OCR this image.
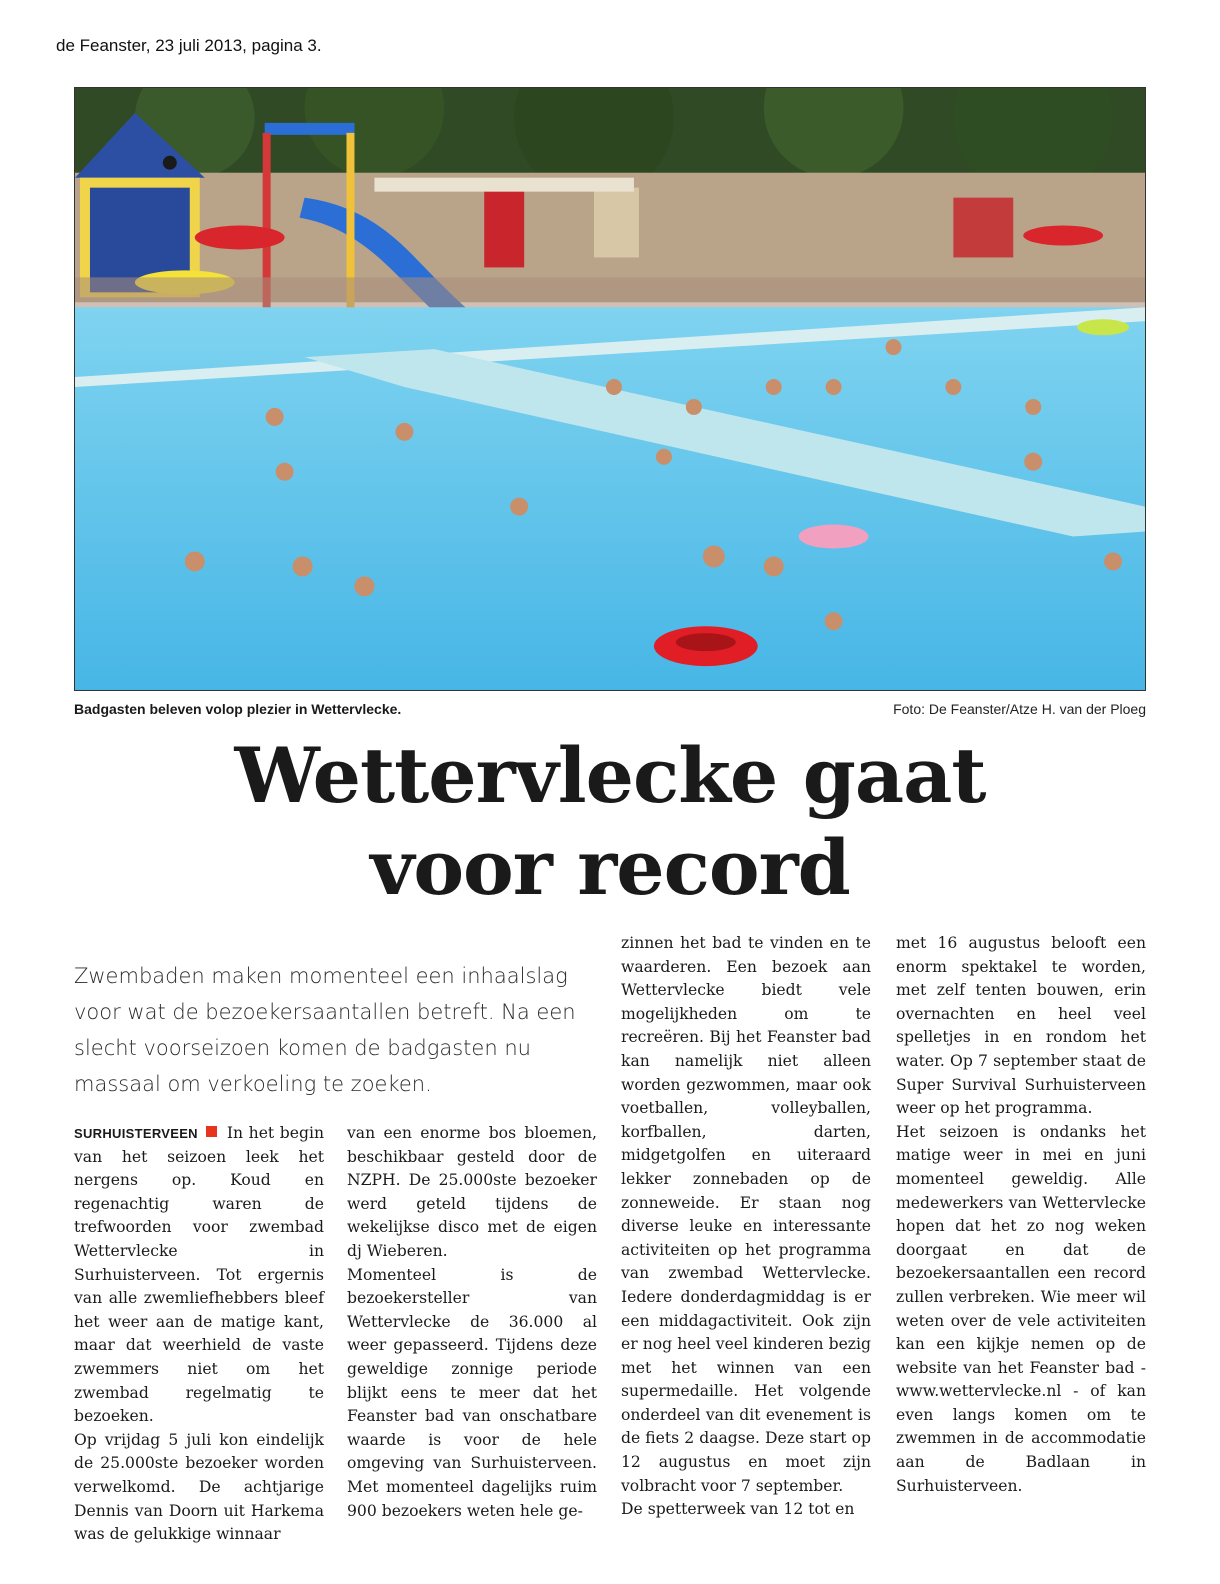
de Feanster, 23 juli 2013, pagina 3.
Badgasten beleven volop plezier in Wettervlecke.	Foto: De Feanster/Atze H. van der Ploeg
Wettervlecke gaat
voor record
Zwembaden maken momenteel een inhaalslag voor wat de bezoekersaantallen betreft. Na een slecht voorseizoen komen de badgasten nu massaal om verkoeling te zoeken.

SURHUISTERVEEN In het begin van het seizoen leek het nergens op. Koud en regenachtig waren de trefwoorden voor zwembad Wettervlecke in Surhuisterveen. Tot ergernis van alle zwemliefhebbers bleef het weer aan de matige kant, maar dat weerhield de vaste zwemmers niet om het zwembad regelmatig te bezoeken.

Op vrijdag 5 juli kon eindelijk de 25.000ste bezoeker worden verwelkomd. De achtjarige Dennis van Doorn uit Harkema was de gelukkige winnaar

van een enorme bos bloemen, beschikbaar gesteld door de NZPH. De 25.000ste bezoeker werd geteld tijdens de wekelijkse disco met de eigen dj Wieberen.

Momenteel is de bezoekersteller van Wettervlecke de 36.000 al weer gepasseerd. Tijdens deze geweldige zonnige periode blijkt eens te meer dat het Feanster bad van onschatbare waarde is voor de hele omgeving van Surhuisterveen. Met momenteel dagelijks ruim 900 bezoekers weten hele ge-

zinnen het bad te vinden en te waarderen. Een bezoek aan Wettervlecke biedt vele mogelijkheden om te recreëren. Bij het Feanster bad kan namelijk niet alleen worden gezwommen, maar ook voetballen, volleyballen, korfballen, darten, midgetgolfen en uiteraard lekker zonnebaden op de zonneweide. Er staan nog diverse leuke en interessante activiteiten op het programma van zwembad Wettervlecke. Iedere donderdagmiddag is er een middagactiviteit. Ook zijn er nog heel veel kinderen bezig met het winnen van een supermedaille. Het volgende onderdeel van dit evenement is de fiets 2 daagse. Deze start op 12 augustus en moet zijn volbracht voor 7 september.

De spetterweek van 12 tot en

met 16 augustus belooft een enorm spektakel te worden, met zelf tenten bouwen, erin overnachten en heel veel spelletjes in en rondom het water. Op 7 september staat de Super Survival Surhuisterveen weer op het programma.

Het seizoen is ondanks het matige weer in mei en juni momenteel geweldig. Alle medewerkers van Wettervlecke hopen dat het zo nog weken doorgaat en dat de bezoekersaantallen een record zullen verbreken. Wie meer wil weten over de vele activiteiten kan een kijkje nemen op de website van het Feanster bad - www.wettervlecke.nl - of kan even langs komen om te zwemmen in de accommodatie aan de Badlaan in Surhuisterveen.
